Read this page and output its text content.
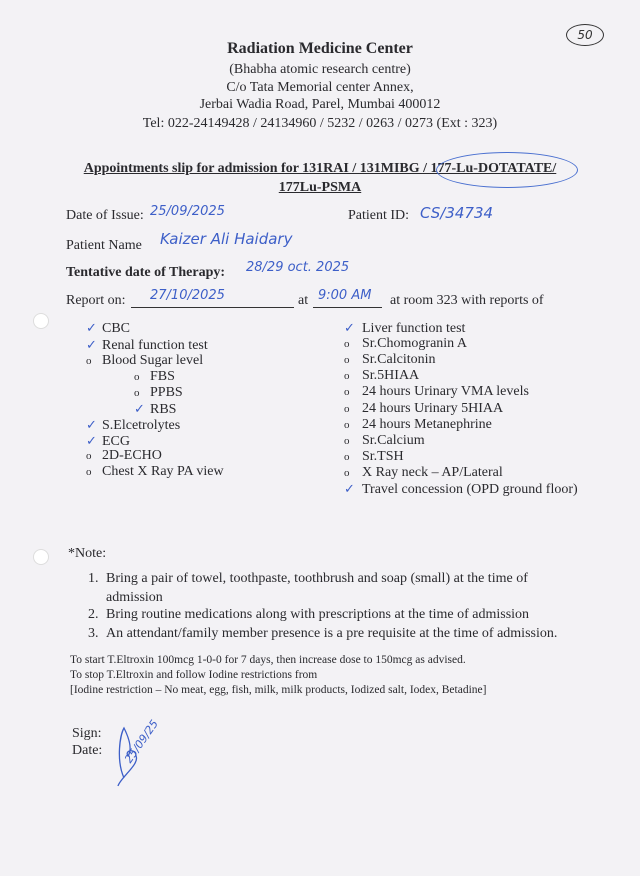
50
Radiation Medicine Center
(Bhabha atomic research centre)
C/o Tata Memorial center Annex,
Jerbai Wadia Road, Parel, Mumbai 400012
Tel: 022-24149428 / 24134960 / 5232 / 0263 / 0273 (Ext : 323)
Appointments slip for admission for 131RAI / 131MIBG / 177-Lu-DOTATATE/
177Lu-PSMA
Date of Issue: 25/09/2025	Patient ID: CS/34734
Patient Name Kaizer Ali Haidary
Tentative date of Therapy: 28/29 oct. 2025
Report on: 27/10/2025	at 9:00 AM at room 323 with reports of
✓ CBC
✓ Renal function test
o Blood Sugar level
o FBS
o PPBS
✓ RBS
✓ S.Elcetrolytes
✓ ECG
o 2D-ECHO
o Chest X Ray PA view
✓ Liver function test
o Sr.Chomogranin A
o Sr.Calcitonin
o Sr.5HIAA
o 24 hours Urinary VMA levels
o 24 hours Urinary 5HIAA
o 24 hours Metanephrine
o Sr.Calcium
o Sr.TSH
o X Ray neck – AP/Lateral
✓ Travel concession (OPD ground floor)
*Note:
1. Bring a pair of towel, toothpaste, toothbrush and soap (small) at the time of
admission
2. Bring routine medications along with prescriptions at the time of admission
3. An attendant/family member presence is a pre requisite at the time of admission.
To start T.Eltroxin 100mcg 1-0-0 for 7 days, then increase dose to 150mcg as advised.
To stop T.Eltroxin and follow Iodine restrictions from
[Iodine restriction – No meat, egg, fish, milk, milk products, Iodized salt, Iodex, Betadine]
Sign:
Date: 25/09/25
